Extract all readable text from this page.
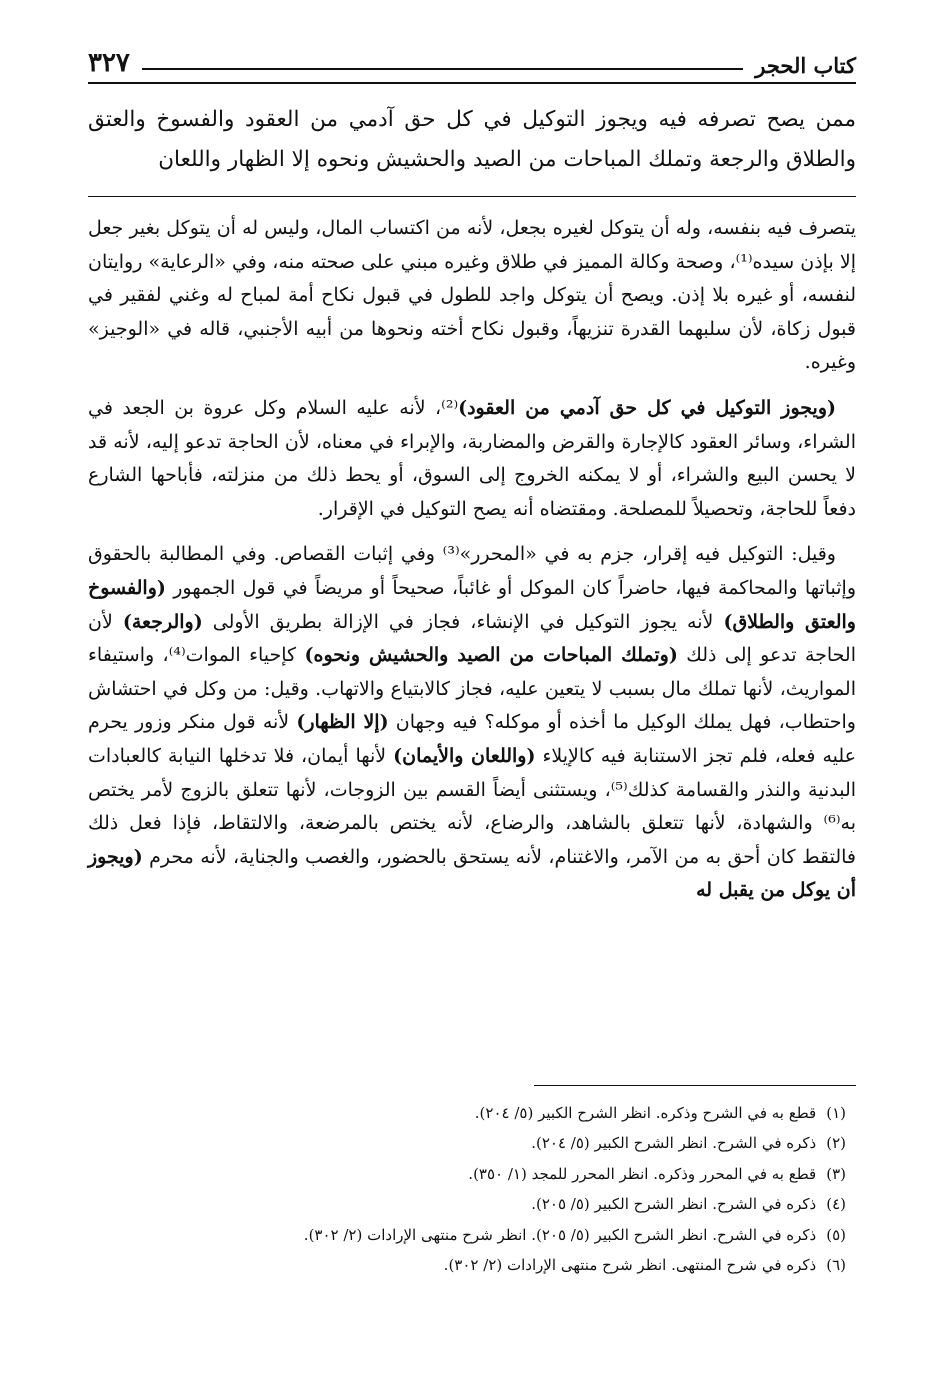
كتاب الحجر
٣٢٧
ممن يصح تصرفه فيه ويجوز التوكيل في كل حق آدمي من العقود والفسوخ والعتق والطلاق والرجعة وتملك المباحات من الصيد والحشيش ونحوه إلا الظهار واللعان

يتصرف فيه بنفسه، وله أن يتوكل لغيره بجعل، لأنه من اكتساب المال، وليس له أن يتوكل بغير جعل إلا بإذن سيده⁽¹⁾، وصحة وكالة المميز في طلاق وغيره مبني على صحته منه، وفي «الرعاية» روايتان لنفسه، أو غيره بلا إذن. ويصح أن يتوكل واجد للطول في قبول نكاح أمة لمباح له وغني لفقير في قبول زكاة، لأن سلبهما القدرة تنزيهاً، وقبول نكاح أخته ونحوها من أبيه الأجنبي، قاله في «الوجيز» وغيره.

(ويجوز التوكيل في كل حق آدمي من العقود)⁽²⁾، لأنه عليه السلام وكل عروة بن الجعد في الشراء، وسائر العقود كالإجارة والقرض والمضاربة، والإبراء في معناه، لأن الحاجة تدعو إليه، لأنه قد لا يحسن البيع والشراء، أو لا يمكنه الخروج إلى السوق، أو يحط ذلك من منزلته، فأباحها الشارع دفعاً للحاجة، وتحصيلاً للمصلحة. ومقتضاه أنه يصح التوكيل في الإقرار.

وقيل: التوكيل فيه إقرار، جزم به في «المحرر»⁽³⁾ وفي إثبات القصاص. وفي المطالبة بالحقوق وإثباتها والمحاكمة فيها، حاضراً كان الموكل أو غائباً، صحيحاً أو مريضاً في قول الجمهور (والفسوخ والعتق والطلاق) لأنه يجوز التوكيل في الإنشاء، فجاز في الإزالة بطريق الأولى (والرجعة) لأن الحاجة تدعو إلى ذلك (وتملك المباحات من الصيد والحشيش ونحوه) كإحياء الموات⁽⁴⁾، واستيفاء المواريث، لأنها تملك مال بسبب لا يتعين عليه، فجاز كالابتياع والاتهاب. وقيل: من وكل في احتشاش واحتطاب، فهل يملك الوكيل ما أخذه أو موكله؟ فيه وجهان (إلا الظهار) لأنه قول منكر وزور يحرم عليه فعله، فلم تجز الاستنابة فيه كالإيلاء (واللعان والأيمان) لأنها أيمان، فلا تدخلها النيابة كالعبادات البدنية والنذر والقسامة كذلك⁽⁵⁾، ويستثنى أيضاً القسم بين الزوجات، لأنها تتعلق بالزوج لأمر يختص به⁽⁶⁾ والشهادة، لأنها تتعلق بالشاهد، والرضاع، لأنه يختص بالمرضعة، والالتقاط، فإذا فعل ذلك فالتقط كان أحق به من الآمر، والاغتنام، لأنه يستحق بالحضور، والغصب والجناية، لأنه محرم (ويجوز أن يوكل من يقبل له

(١)قطع به في الشرح وذكره. انظر الشرح الكبير (٥/ ٢٠٤).
(٢)ذكره في الشرح. انظر الشرح الكبير (٥/ ٢٠٤).
(٣)قطع به في المحرر وذكره. انظر المحرر للمجد (١/ ٣٥٠).
(٤)ذكره في الشرح. انظر الشرح الكبير (٥/ ٢٠٥).
(٥)ذكره في الشرح. انظر الشرح الكبير (٥/ ٢٠٥). انظر شرح منتهى الإرادات (٢/ ٣٠٢).
(٦)ذكره في شرح المنتهى. انظر شرح منتهى الإرادات (٢/ ٣٠٢).
